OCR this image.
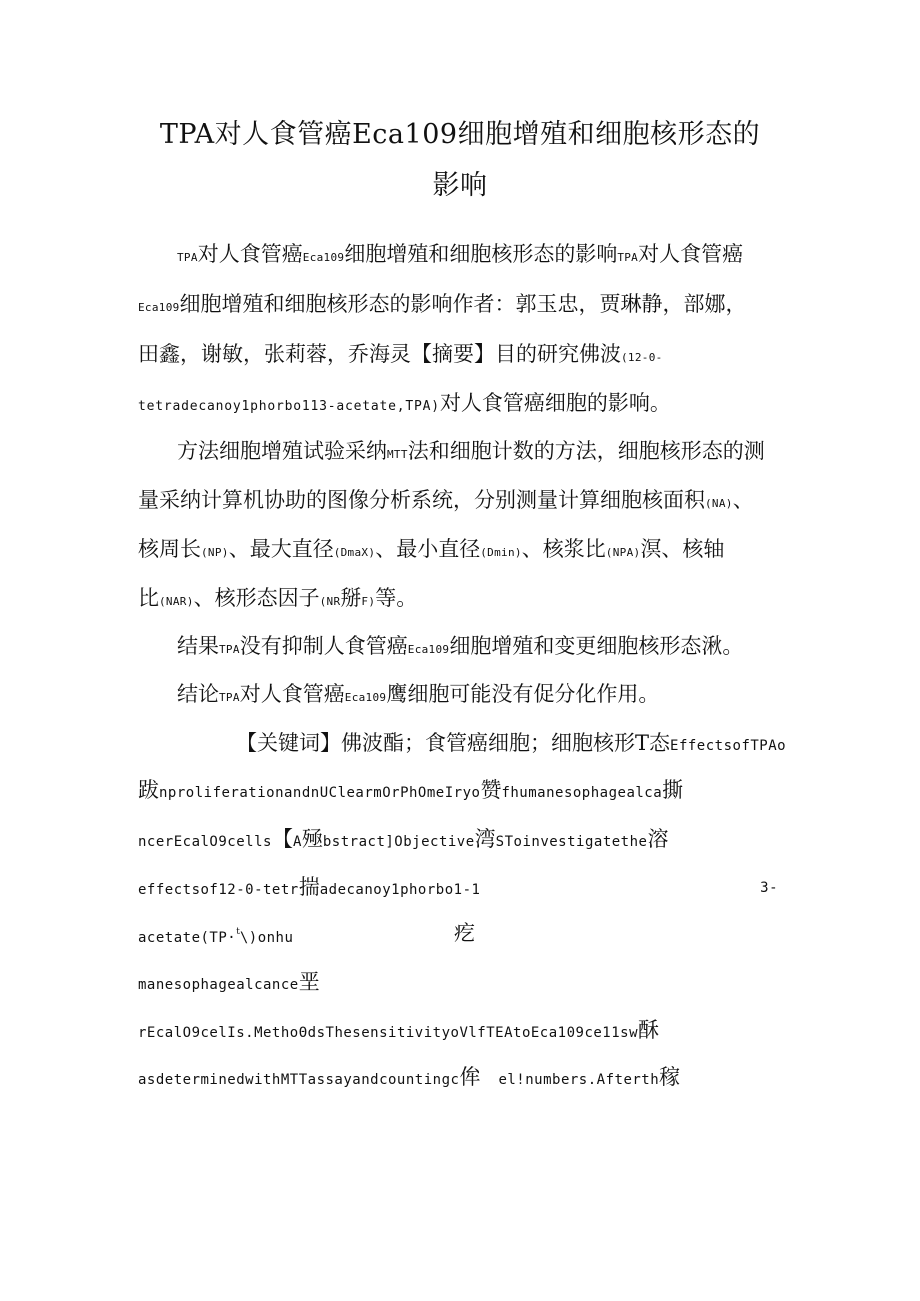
TPA对人食管癌Eca109细胞增殖和细胞核形态的
影响
TPA对人食管癌Eca109细胞增殖和细胞核形态的影响TPA对人食管癌
Eca109细胞增殖和细胞核形态的影响作者：郭玉忠，贾琳静，部娜，
田鑫，谢敏，张莉蓉，乔海灵【摘要】目的研究佛波(12-0-
tetradecanoy1phorbo113-acetate,TPA)对人食管癌细胞的影响。
方法细胞增殖试验采纳MTT法和细胞计数的方法，细胞核形态的测
量采纳计算机协助的图像分析系统，分别测量计算细胞核面积(NA)、
核周长(NP)、最大直径(DmaX)、最小直径(Dmin)、核浆比(NPA)溟、核轴
比(NAR)、核形态因子(NR掰F)等。
结果TPA没有抑制人食管癌Eca109细胞增殖和变更细胞核形态湫。
结论TPA对人食管癌Eca109鹰细胞可能没有促分化作用。
【关键词】佛波酯；食管癌细胞；细胞核形T态EffectsofTPAo
跋nproliferationandnUClearmOrPhOmeIryo赞fhumanesophagealca撕
ncerEcalO9cells【A殛bstract]Objective湾SToinvestigatethe溶
effectsof12-0-tetr揣adecanoy1phorbo1-1	3-
acetate(TP·$^t$\)onhu	疙
manesophagealcance垩
rEcalO9celIs.MethoΘdsThesensitivityoVlfTEAtoEca109ce11sw酥
asdeterminedwithMTTassayandcountingc侔 el!numbers.Afterth稼
